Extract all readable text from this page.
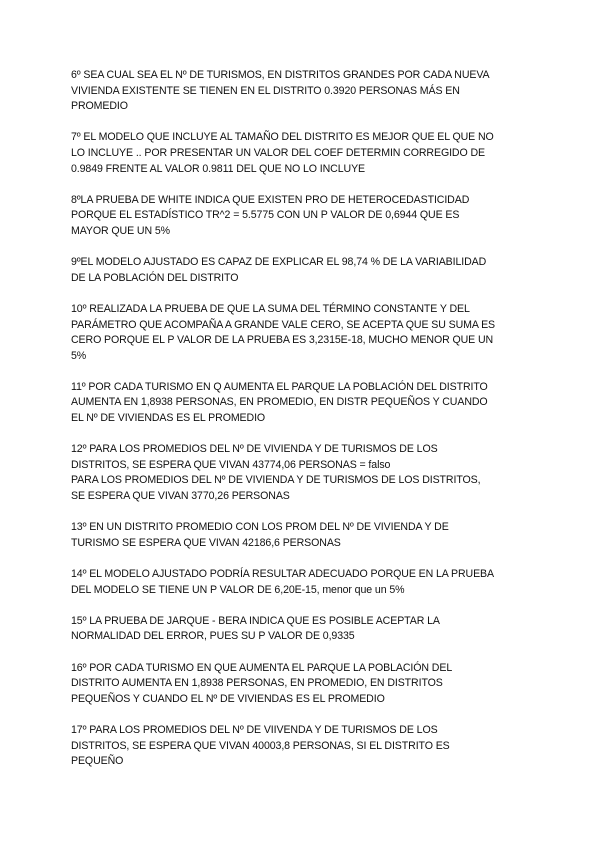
6º SEA CUAL SEA EL Nº DE TURISMOS, EN DISTRITOS GRANDES POR CADA NUEVA
VIVIENDA EXISTENTE SE TIENEN EN EL DISTRITO 0.3920 PERSONAS MÁS EN
PROMEDIO

7º EL MODELO QUE INCLUYE AL TAMAÑO DEL DISTRITO ES MEJOR QUE EL QUE NO
LO INCLUYE .. POR PRESENTAR UN VALOR DEL COEF DETERMIN CORREGIDO DE
0.9849 FRENTE AL VALOR 0.9811 DEL QUE NO LO INCLUYE

8ºLA PRUEBA DE WHITE INDICA QUE EXISTEN PRO DE HETEROCEDASTICIDAD
PORQUE EL ESTADÍSTICO TR^2 = 5.5775 CON UN P VALOR DE 0,6944 QUE ES
MAYOR QUE UN 5%

9ºEL MODELO AJUSTADO ES CAPAZ DE EXPLICAR EL 98,74 % DE LA VARIABILIDAD
DE LA POBLACIÓN DEL DISTRITO

10º REALIZADA LA PRUEBA DE QUE LA SUMA DEL TÉRMINO CONSTANTE Y DEL
PARÁMETRO QUE ACOMPAÑA A GRANDE VALE CERO, SE ACEPTA QUE SU SUMA ES
CERO PORQUE EL P VALOR DE LA PRUEBA ES 3,2315E-18, MUCHO MENOR QUE UN
5%

11º POR CADA TURISMO EN Q AUMENTA EL PARQUE LA POBLACIÓN DEL DISTRITO
AUMENTA EN 1,8938 PERSONAS, EN PROMEDIO, EN DISTR PEQUEÑOS Y CUANDO
EL Nº DE VIVIENDAS ES EL PROMEDIO

12º PARA LOS PROMEDIOS DEL Nº DE VIVIENDA Y DE TURISMOS DE LOS
DISTRITOS, SE ESPERA QUE VIVAN 43774,06 PERSONAS = falso
PARA LOS PROMEDIOS DEL Nº DE VIVIENDA Y DE TURISMOS DE LOS DISTRITOS,
SE ESPERA QUE VIVAN 3770,26 PERSONAS

13º EN UN DISTRITO PROMEDIO CON LOS PROM DEL Nº DE VIVIENDA Y DE
TURISMO SE ESPERA QUE VIVAN 42186,6 PERSONAS

14º EL MODELO AJUSTADO PODRÍA RESULTAR ADECUADO PORQUE EN LA PRUEBA
DEL MODELO SE TIENE UN P VALOR DE 6,20E-15, menor que un 5%

15º LA PRUEBA DE JARQUE - BERA INDICA QUE ES POSIBLE ACEPTAR LA
NORMALIDAD DEL ERROR, PUES SU P VALOR DE 0,9335

16º POR CADA TURISMO EN QUE AUMENTA EL PARQUE LA POBLACIÓN DEL
DISTRITO AUMENTA EN 1,8938 PERSONAS, EN PROMEDIO, EN DISTRITOS
PEQUEÑOS Y CUANDO EL Nº DE VIVIENDAS ES EL PROMEDIO

17º PARA LOS PROMEDIOS DEL Nº DE VIIVENDA Y DE TURISMOS DE LOS
DISTRITOS, SE ESPERA QUE VIVAN 40003,8 PERSONAS, SI EL DISTRITO ES
PEQUEÑO
